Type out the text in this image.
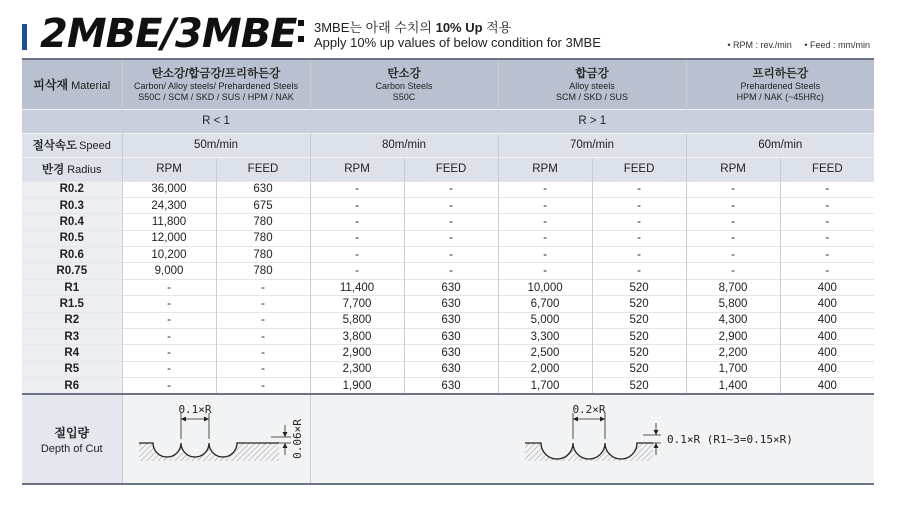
2MBE/3MBE 3MBE는 아래 수치의 10% Up 적용
Apply 10% up values of below condition for 3MBE	• RPM : rev./min • Feed : mm/min
피삭재 Material	탄소강/합금강/프리하든강
Carbon/ Alloy steels/ Prehardened Steels
S50C / SCM / SKD / SUS / HPM / NAK		탄소강
Carbon Steels
S50C		합금강
Alloy steels
SCM / SKD / SUS		프리하든강
Prehardened Steels
HPM / NAK (~45HRc)	

	R < 1		R > 1					
절삭속도 Speed	50m/min		80m/min		70m/min		60m/min	
반경 Radius	RPM	FEED	RPM	FEED	RPM	FEED	RPM	FEED
R0.2	36,000	630	-	-	-	-	-	-
R0.3	24,300	675	-	-	-	-	-	-
R0.4	11,800	780	-	-	-	-	-	-
R0.5	12,000	780	-	-	-	-	-	-
R0.6	10,200	780	-	-	-	-	-	-
R0.75	9,000	780	-	-	-	-	-	-
R1	-	-	11,400	630	10,000	520	8,700	400
R1.5	-	-	7,700	630	6,700	520	5,800	400
R2	-	-	5,800	630	5,000	520	4,300	400
R3	-	-	3,800	630	3,300	520	2,900	400
R4	-	-	2,900	630	2,500	520	2,200	400
R5	-	-	2,300	630	2,000	520	1,700	400
R6	-	-	1,900	630	1,700	520	1,400	400

절입량
Depth of Cut	0.1×R
0.06×R		0.2×R
0.1×R (R1~3=0.15×R)					
